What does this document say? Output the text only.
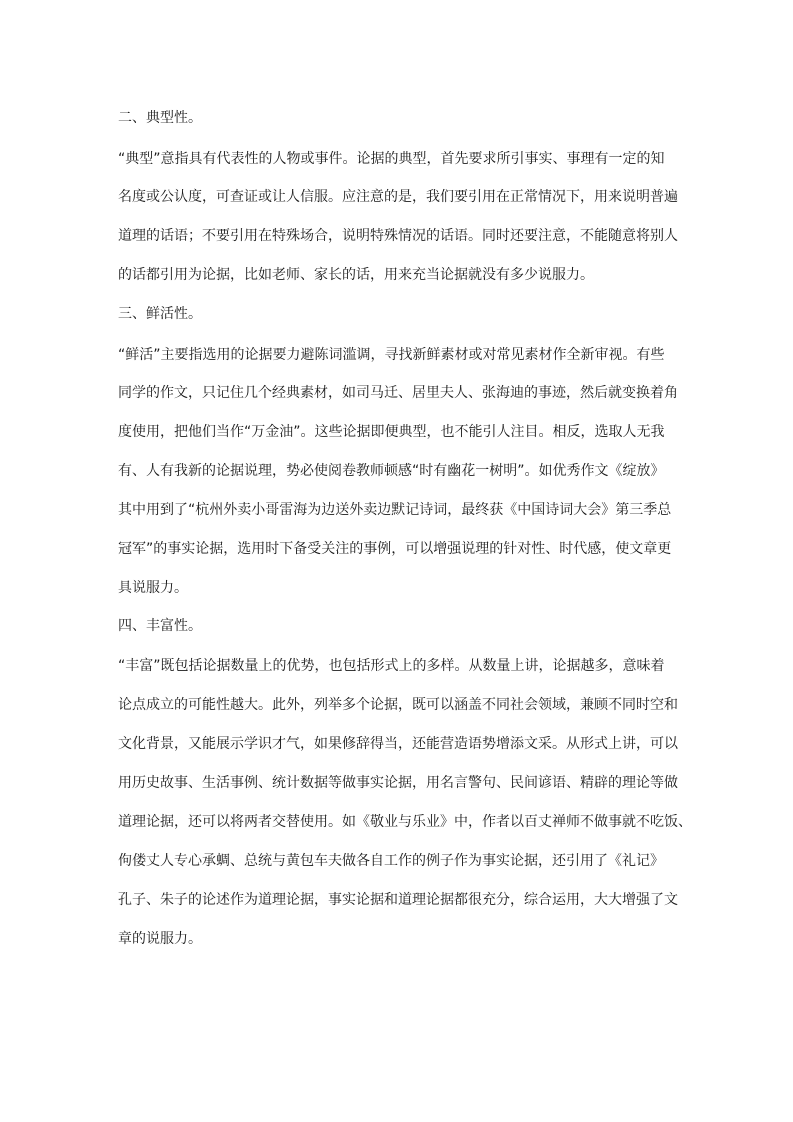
二、典型性。
“典型”意指具有代表性的人物或事件。论据的典型，首先要求所引事实、事理有一定的知
名度或公认度，可查证或让人信服。应注意的是，我们要引用在正常情况下，用来说明普遍
道理的话语；不要引用在特殊场合，说明特殊情况的话语。同时还要注意，不能随意将别人
的话都引用为论据，比如老师、家长的话，用来充当论据就没有多少说服力。
三、鲜活性。
“鲜活”主要指选用的论据要力避陈词滥调，寻找新鲜素材或对常见素材作全新审视。有些
同学的作文，只记住几个经典素材，如司马迁、居里夫人、张海迪的事迹，然后就变换着角
度使用，把他们当作“万金油”。这些论据即便典型，也不能引人注目。相反，选取人无我
有、人有我新的论据说理，势必使阅卷教师顿感“时有幽花一树明”。如优秀作文《绽放》
其中用到了“杭州外卖小哥雷海为边送外卖边默记诗词，最终获《中国诗词大会》第三季总
冠军”的事实论据，选用时下备受关注的事例，可以增强说理的针对性、时代感，使文章更
具说服力。
四、丰富性。
“丰富”既包括论据数量上的优势，也包括形式上的多样。从数量上讲，论据越多，意味着
论点成立的可能性越大。此外，列举多个论据，既可以涵盖不同社会领域，兼顾不同时空和
文化背景，又能展示学识才气，如果修辞得当，还能营造语势增添文采。从形式上讲，可以
用历史故事、生活事例、统计数据等做事实论据，用名言警句、民间谚语、精辟的理论等做
道理论据，还可以将两者交替使用。如《敬业与乐业》中，作者以百丈禅师不做事就不吃饭、
佝偻丈人专心承蜩、总统与黄包车夫做各自工作的例子作为事实论据，还引用了《礼记》
孔子、朱子的论述作为道理论据，事实论据和道理论据都很充分，综合运用，大大增强了文
章的说服力。
